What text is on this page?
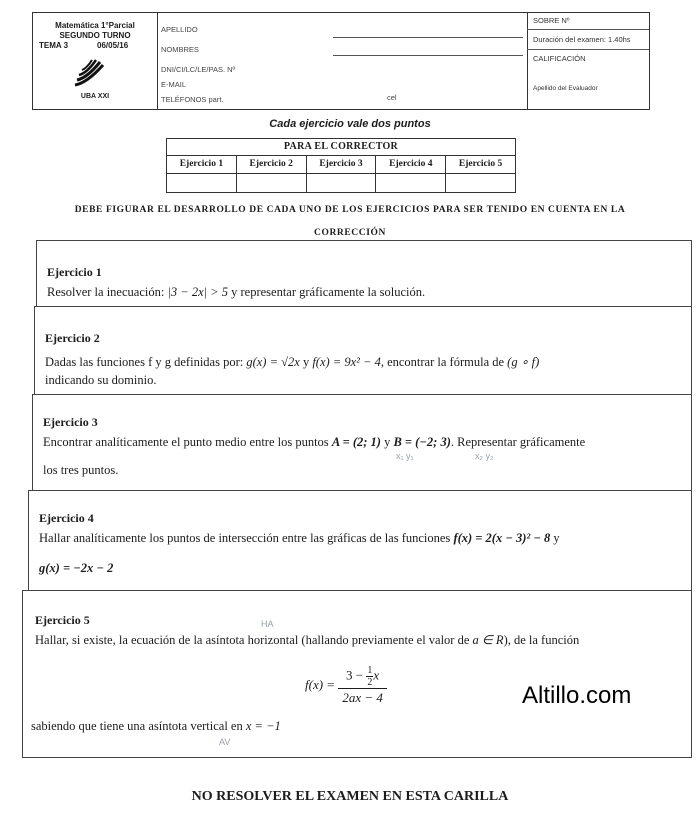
Matemática 1°Parcial
SEGUNDO TURNO
TEMA 3	06/05/16
UBA XXI
APELLIDO
NOMBRES
DNI/CI/LC/LE/PAS. Nº
E-MAIL
TELÉFONOS part.	cel
SOBRE Nº
Duración del examen: 1.40hs
CALIFICACIÓN
Apellido del Evaluador
Cada ejercicio vale dos puntos
PARA EL CORRECTOR
Ejercicio 1	Ejercicio 2	Ejercicio 3	Ejercicio 4	Ejercicio 5
DEBE FIGURAR EL DESARROLLO DE CADA UNO DE LOS EJERCICIOS PARA SER TENIDO EN CUENTA EN LA
CORRECCIÓN
Ejercicio 1
Resolver la inecuación: |3 − 2x| > 5 y representar gráficamente la solución.
Ejercicio 2
Dadas las funciones f y g definidas por: g(x) = √2x y f(x) = 9x² − 4, encontrar la fórmula de (g ∘ f)
indicando su dominio.
Ejercicio 3
Encontrar analíticamente el punto medio entre los puntos A = (2; 1) y B = (−2; 3). Representar gráficamente
los tres puntos.
x₁ y₁	x₂ y₂
Ejercicio 4
Hallar analíticamente los puntos de intersección entre las gráficas de las funciones f(x) = 2(x − 3)² − 8 y
g(x) = −2x − 2
Ejercicio 5
Hallar, si existe, la ecuación de la asíntota horizontal (hallando previamente el valor de a ∈ R), de la función
$f(x) = \frac{3 - \frac{1}{2} x}{2ax - 4}$
sabiendo que tiene una asíntota vertical en x = −1
HA
AV
Altillo.com
NO RESOLVER EL EXAMEN EN ESTA CARILLA
